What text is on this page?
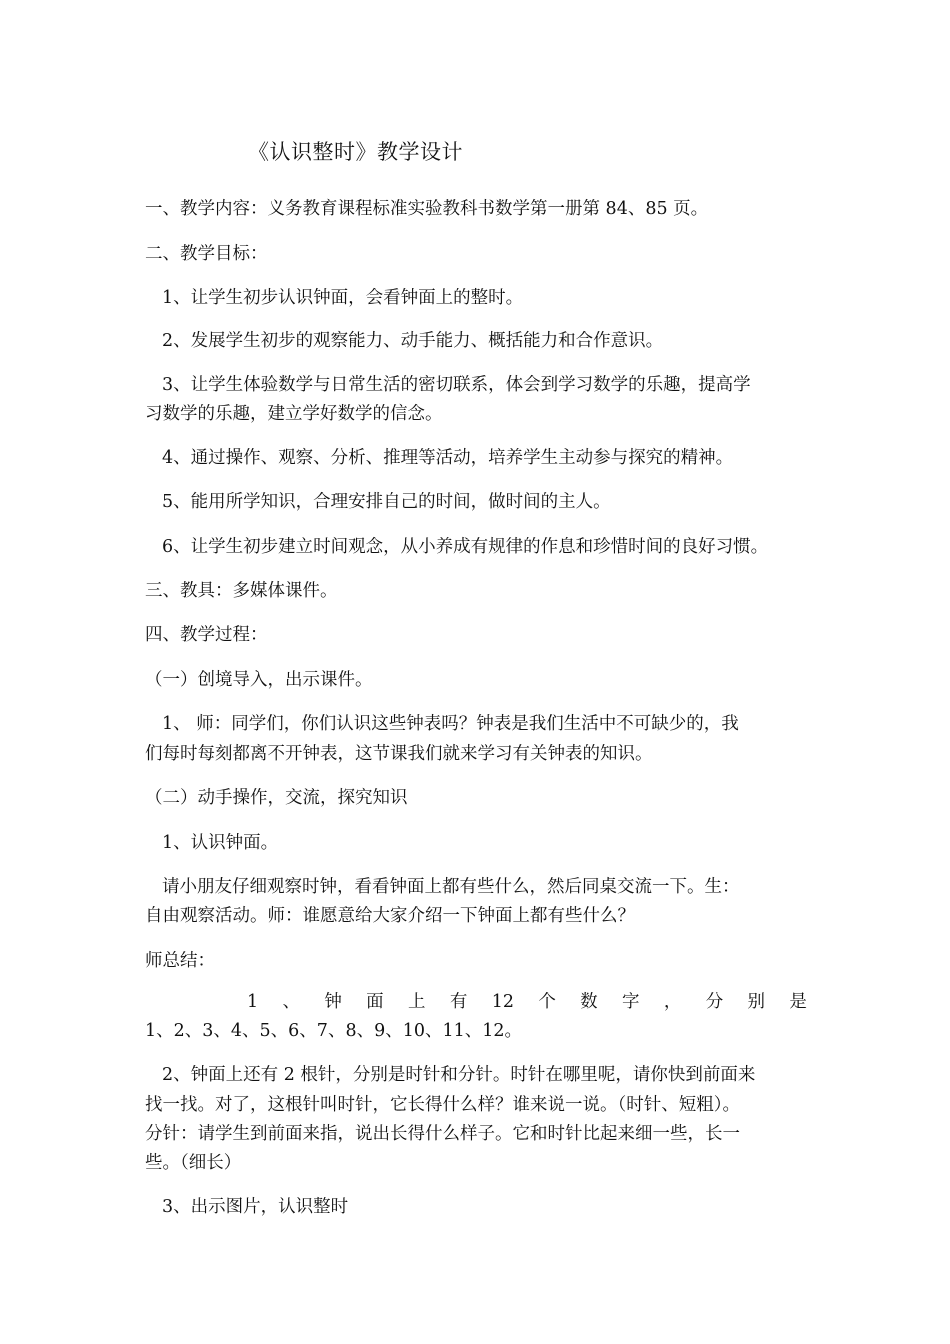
《认识整时》教学设计
一、教学内容：义务教育课程标准实验教科书数学第一册第 84、85 页。
二、教学目标：
1、让学生初步认识钟面，会看钟面上的整时。
2、发展学生初步的观察能力、动手能力、概括能力和合作意识。
3、让学生体验数学与日常生活的密切联系，体会到学习数学的乐趣，提高学
习数学的乐趣，建立学好数学的信念。
4、通过操作、观察、分析、推理等活动，培养学生主动参与探究的精神。
5、能用所学知识，合理安排自己的时间，做时间的主人。
6、让学生初步建立时间观念，从小养成有规律的作息和珍惜时间的良好习惯。
三、教具：多媒体课件。
四、教学过程：
（一）创境导入，出示课件。
1、 师：同学们，你们认识这些钟表吗？钟表是我们生活中不可缺少的，我
们每时每刻都离不开钟表，这节课我们就来学习有关钟表的知识。
（二）动手操作，交流，探究知识
1、认识钟面。
请小朋友仔细观察时钟，看看钟面上都有些什么，然后同桌交流一下。生：
自由观察活动。师：谁愿意给大家介绍一下钟面上都有些什么？
师总结：
1 、 钟 面 上 有 12 个 数 字 ， 分 别 是
1、2、3、4、5、6、7、8、9、10、11、12。
2、钟面上还有 2 根针，分别是时针和分针。时针在哪里呢，请你快到前面来
找一找。对了，这根针叫时针，它长得什么样？谁来说一说。（时针、短粗）。
分针：请学生到前面来指，说出长得什么样子。它和时针比起来细一些，长一
些。（细长）
3、出示图片，认识整时
